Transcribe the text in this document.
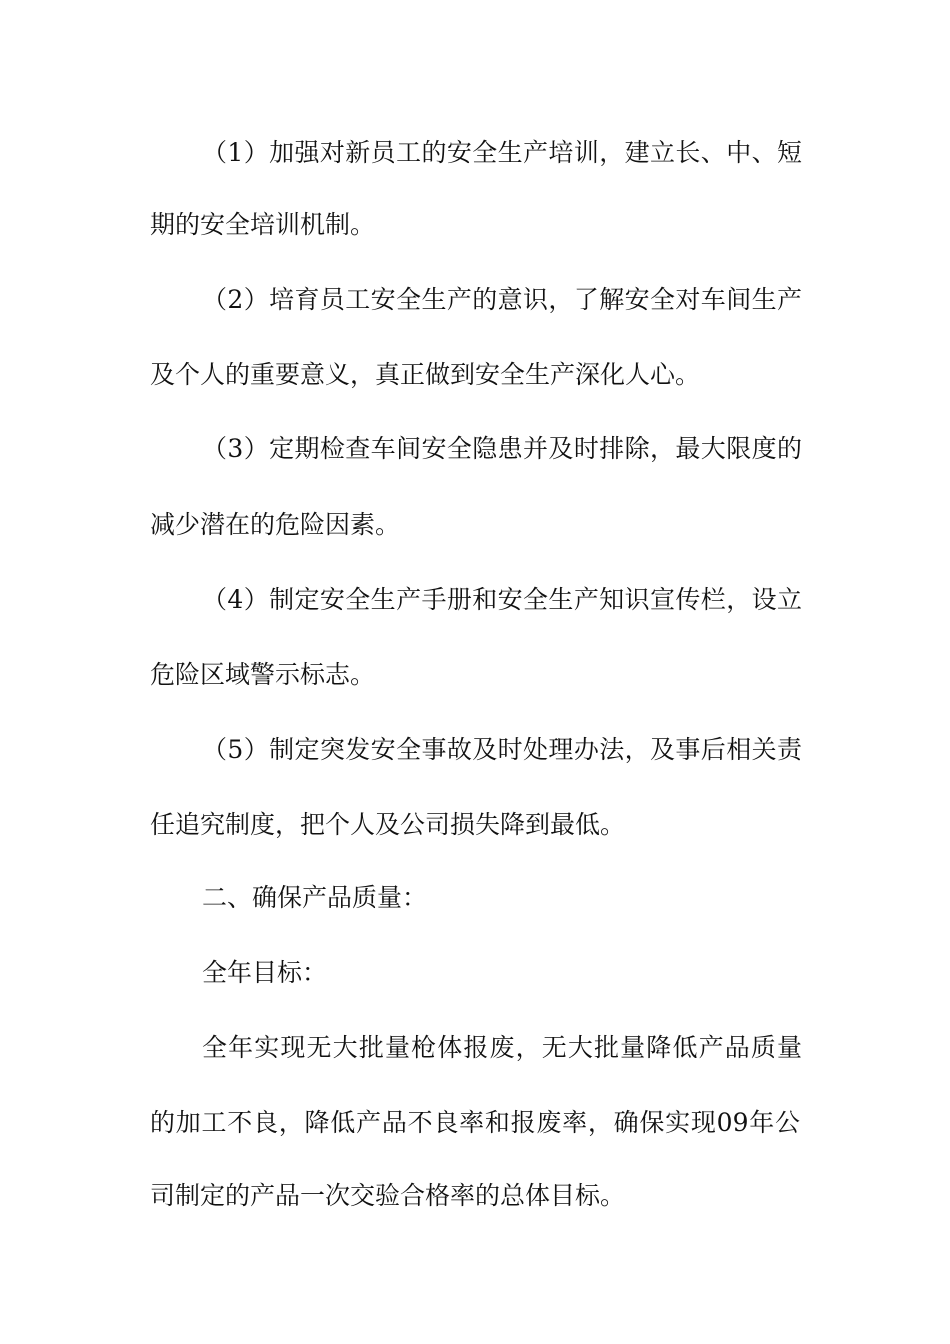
（1）加强对新员工的安全生产培训，建立长、中、短
期的安全培训机制。
（2）培育员工安全生产的意识，了解安全对车间生产
及个人的重要意义，真正做到安全生产深化人心。
（3）定期检查车间安全隐患并及时排除，最大限度的
减少潜在的危险因素。
（4）制定安全生产手册和安全生产知识宣传栏，设立
危险区域警示标志。
（5）制定突发安全事故及时处理办法，及事后相关责
任追究制度，把个人及公司损失降到最低。
二、确保产品质量：
全年目标：
全年实现无大批量枪体报废，无大批量降低产品质量
的加工不良，降低产品不良率和报废率，确保实现09年公
司制定的产品一次交验合格率的总体目标。
